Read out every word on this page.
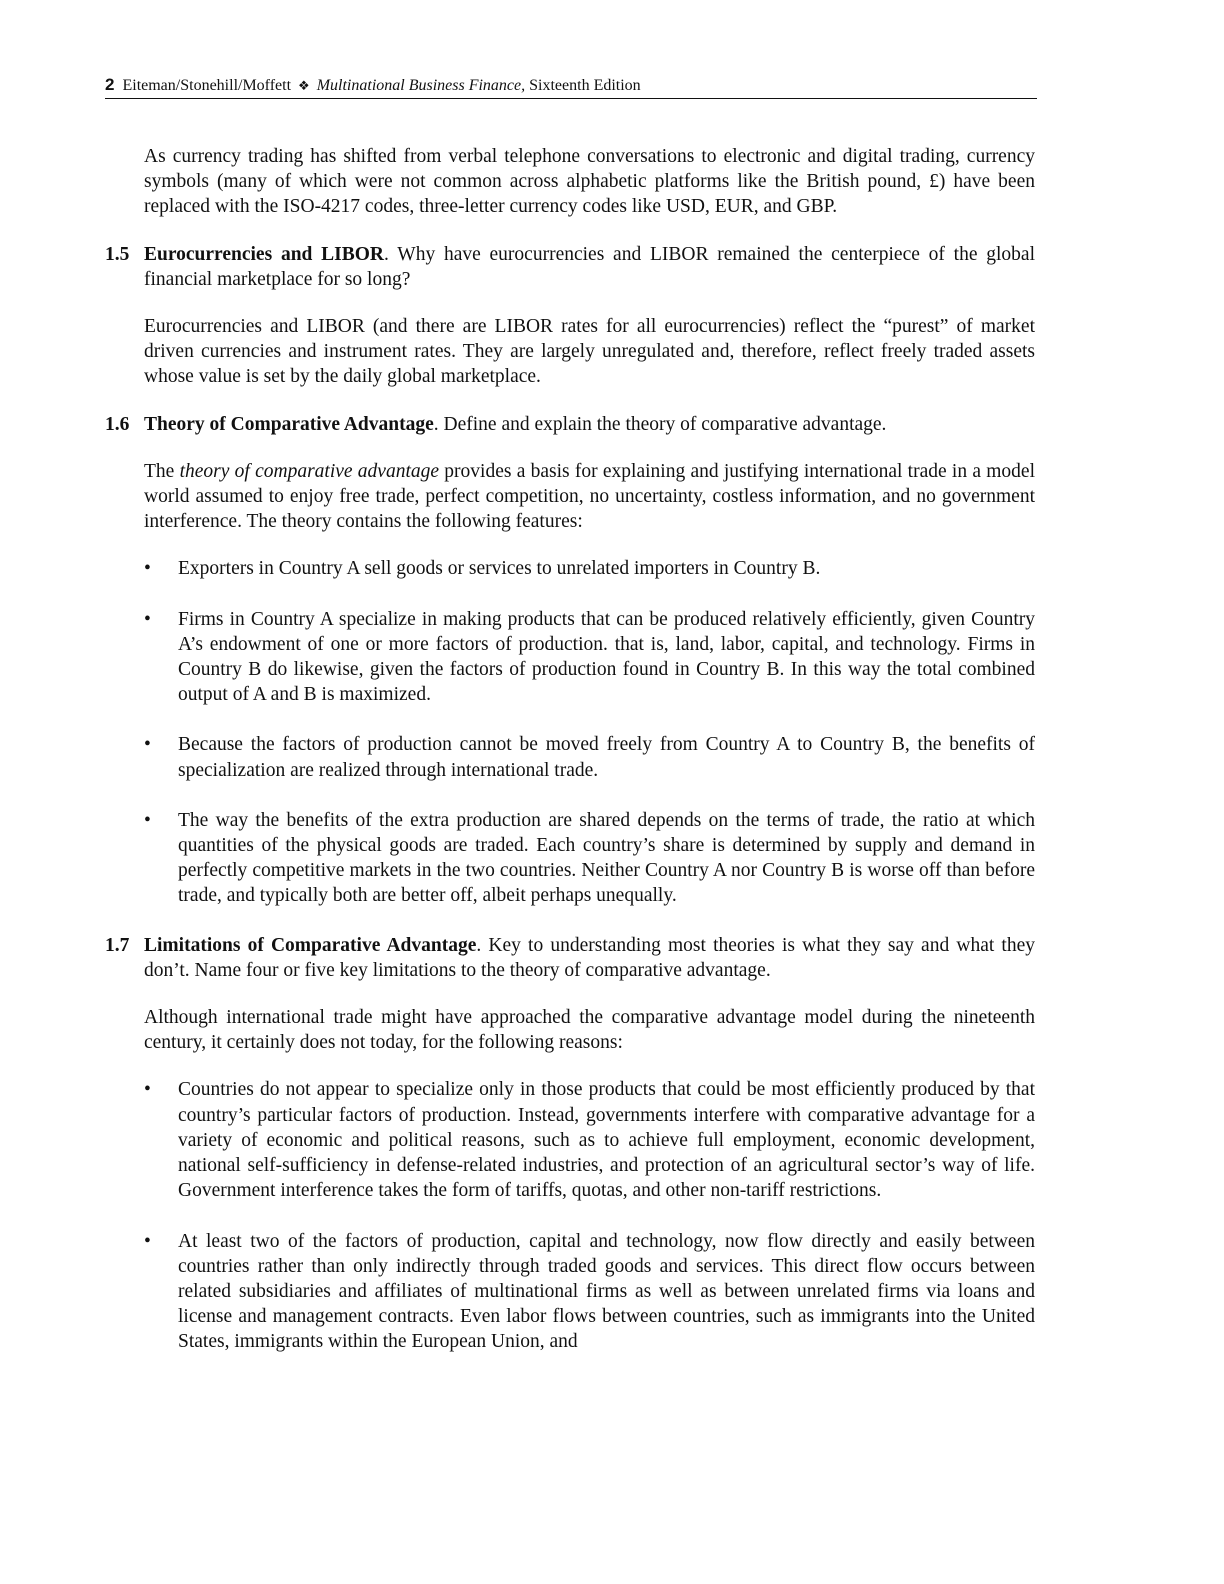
2 Eiteman/Stonehill/Moffett ❖ Multinational Business Finance, Sixteenth Edition

As currency trading has shifted from verbal telephone conversations to electronic and digital trading, currency symbols (many of which were not common across alphabetic platforms like the British pound, £) have been replaced with the ISO-4217 codes, three-letter currency codes like USD, EUR, and GBP.

1.5 Eurocurrencies and LIBOR. Why have eurocurrencies and LIBOR remained the centerpiece of the global financial marketplace for so long?

Eurocurrencies and LIBOR (and there are LIBOR rates for all eurocurrencies) reflect the “purest” of market driven currencies and instrument rates. They are largely unregulated and, therefore, reflect freely traded assets whose value is set by the daily global marketplace.

1.6 Theory of Comparative Advantage. Define and explain the theory of comparative advantage.

The theory of comparative advantage provides a basis for explaining and justifying international trade in a model world assumed to enjoy free trade, perfect competition, no uncertainty, costless information, and no government interference. The theory contains the following features:

•	Exporters in Country A sell goods or services to unrelated importers in Country B.
•	Firms in Country A specialize in making products that can be produced relatively efficiently, given Country A’s endowment of one or more factors of production. that is, land, labor, capital, and technology. Firms in Country B do likewise, given the factors of production found in Country B. In this way the total combined output of A and B is maximized.
•	Because the factors of production cannot be moved freely from Country A to Country B, the benefits of specialization are realized through international trade.
•	The way the benefits of the extra production are shared depends on the terms of trade, the ratio at which quantities of the physical goods are traded. Each country’s share is determined by supply and demand in perfectly competitive markets in the two countries. Neither Country A nor Country B is worse off than before trade, and typically both are better off, albeit perhaps unequally.
1.7 Limitations of Comparative Advantage. Key to understanding most theories is what they say and what they don’t. Name four or five key limitations to the theory of comparative advantage.

Although international trade might have approached the comparative advantage model during the nineteenth century, it certainly does not today, for the following reasons:

•	Countries do not appear to specialize only in those products that could be most efficiently produced by that country’s particular factors of production. Instead, governments interfere with comparative advantage for a variety of economic and political reasons, such as to achieve full employment, economic development, national self-sufficiency in defense-related industries, and protection of an agricultural sector’s way of life. Government interference takes the form of tariffs, quotas, and other non-tariff restrictions.
•	At least two of the factors of production, capital and technology, now flow directly and easily between countries rather than only indirectly through traded goods and services. This direct flow occurs between related subsidiaries and affiliates of multinational firms as well as between unrelated firms via loans and license and management contracts. Even labor flows between countries, such as immigrants into the United States, immigrants within the European Union, and
